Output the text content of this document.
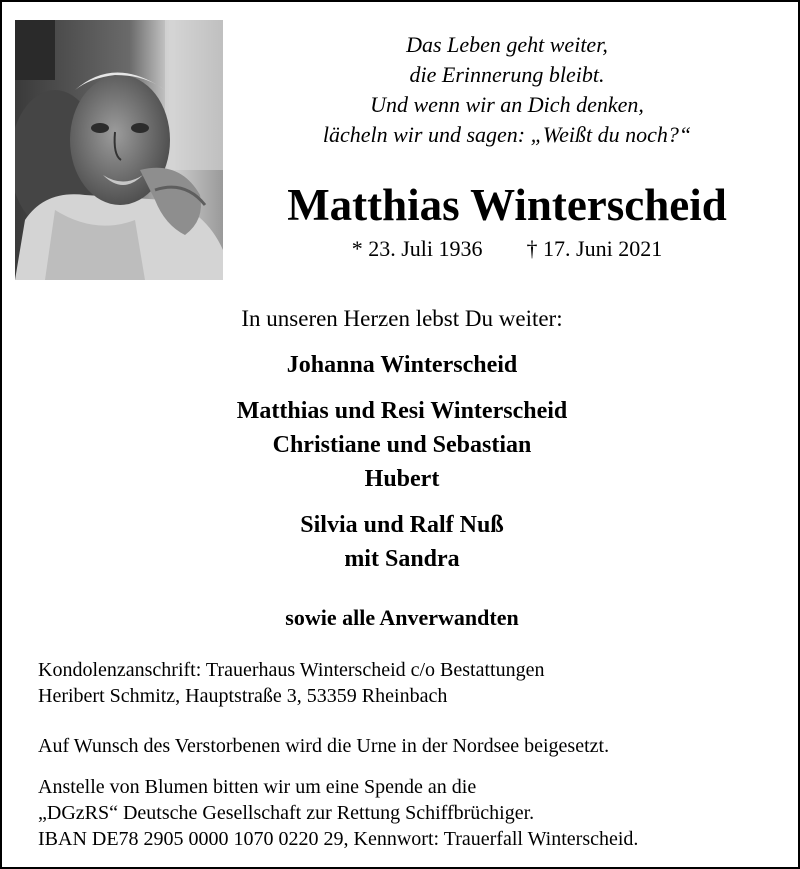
Das Leben geht weiter,
die Erinnerung bleibt.
Und wenn wir an Dich denken,
lächeln wir und sagen: „Weißt du noch?“
Matthias Winterscheid
* 23. Juli 1936 † 17. Juni 2021
In unseren Herzen lebst Du weiter:
Johanna Winterscheid
Matthias und Resi Winterscheid
Christiane und Sebastian
Hubert
Silvia und Ralf Nuß
mit Sandra
sowie alle Anverwandten
Kondolenzanschrift: Trauerhaus Winterscheid c/o Bestattungen
Heribert Schmitz, Hauptstraße 3, 53359 Rheinbach
Auf Wunsch des Verstorbenen wird die Urne in der Nordsee beigesetzt.
Anstelle von Blumen bitten wir um eine Spende an die
„DGzRS“ Deutsche Gesellschaft zur Rettung Schiffbrüchiger.
IBAN DE78 2905 0000 1070 0220 29, Kennwort: Trauerfall Winterscheid.
